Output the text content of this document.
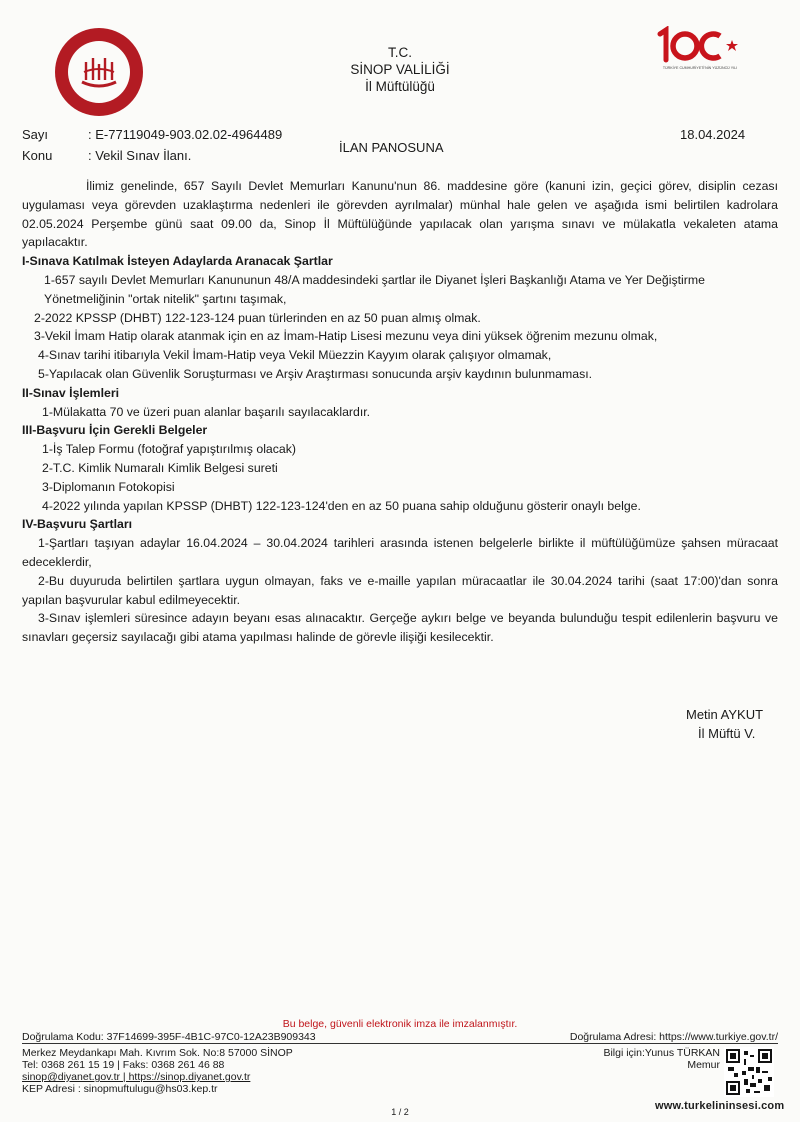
T.C.
SİNOP VALİLİĞİ
İl Müftülüğü
TÜRKİYE CUMHURİYETİ'NİN YÜZÜNCÜ YILI
Sayı	: E-77119049-903.02.02-4964489
Konu	: Vekil Sınav İlanı.
İLAN PANOSUNA
18.04.2024

İlimiz genelinde, 657 Sayılı Devlet Memurları Kanunu'nun 86. maddesine göre (kanuni izin, geçici görev, disiplin cezası uygulaması veya görevden uzaklaştırma nedenleri ile görevden ayrılmalar) münhal hale gelen ve aşağıda ismi belirtilen kadrolara 02.05.2024 Perşembe günü saat 09.00 da, Sinop İl Müftülüğünde yapılacak olan yarışma sınavı ve mülakatla vekaleten atama yapılacaktır.

I-Sınava Katılmak İsteyen Adaylarda Aranacak Şartlar

1-657 sayılı Devlet Memurları Kanununun 48/A maddesindeki şartlar ile Diyanet İşleri Başkanlığı Atama ve Yer Değiştirme Yönetmeliğinin "ortak nitelik" şartını taşımak,

2-2022 KPSSP (DHBT) 122-123-124 puan türlerinden en az 50 puan almış olmak.

3-Vekil İmam Hatip olarak atanmak için en az İmam-Hatip Lisesi mezunu veya dini yüksek öğrenim mezunu olmak,

4-Sınav tarihi itibarıyla Vekil İmam-Hatip veya Vekil Müezzin Kayyım olarak çalışıyor olmamak,

5-Yapılacak olan Güvenlik Soruşturması ve Arşiv Araştırması sonucunda arşiv kaydının bulunmaması.

II-Sınav İşlemleri

1-Mülakatta 70 ve üzeri puan alanlar başarılı sayılacaklardır.

III-Başvuru İçin Gerekli Belgeler

1-İş Talep Formu (fotoğraf yapıştırılmış olacak)

2-T.C. Kimlik Numaralı Kimlik Belgesi sureti

3-Diplomanın Fotokopisi

4-2022 yılında yapılan KPSSP (DHBT) 122-123-124'den en az 50 puana sahip olduğunu gösterir onaylı belge.

IV-Başvuru Şartları

1-Şartları taşıyan adaylar 16.04.2024 – 30.04.2024 tarihleri arasında istenen belgelerle birlikte il müftülüğümüze şahsen müracaat edeceklerdir,

2-Bu duyuruda belirtilen şartlara uygun olmayan, faks ve e-maille yapılan müracaatlar ile 30.04.2024 tarihi (saat 17:00)'dan sonra yapılan başvurular kabul edilmeyecektir.

3-Sınav işlemleri süresince adayın beyanı esas alınacaktır. Gerçeğe aykırı belge ve beyanda bulunduğu tespit edilenlerin başvuru ve sınavları geçersiz sayılacağı gibi atama yapılması halinde de görevle ilişiği kesilecektir.

Metin AYKUT
İl Müftü V.
Bu belge, güvenli elektronik imza ile imzalanmıştır.
Doğrulama Kodu: 37F14699-395F-4B1C-97C0-12A23B909343	Doğrulama Adresi: https://www.turkiye.gov.tr/
Merkez Meydankapı Mah. Kıvrım Sok. No:8 57000 SİNOP
Tel: 0368 261 15 19 | Faks: 0368 261 46 88
sinop@diyanet.gov.tr | https://sinop.diyanet.gov.tr
KEP Adresi : sinopmuftulugu@hs03.kep.tr
Bilgi için:Yunus TÜRKAN
Memur
1 / 2	www.turkelininsesi.com
